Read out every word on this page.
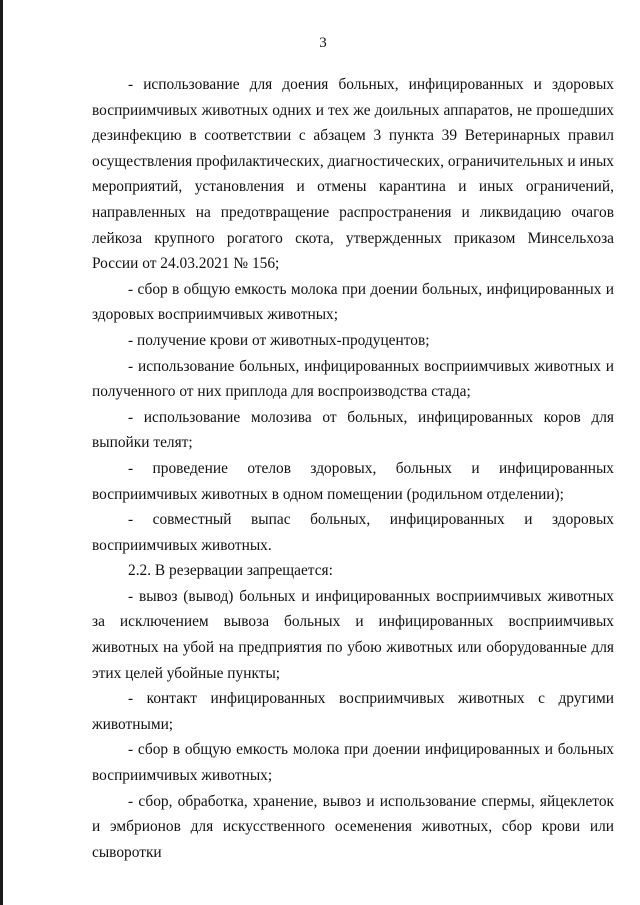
3

- использование для доения больных, инфицированных и здоровых восприимчивых животных одних и тех же доильных аппаратов, не прошедших дезинфекцию в соответствии с абзацем 3 пункта 39 Ветеринарных правил осуществления профилактических, диагностических, ограничительных и иных мероприятий, установления и отмены карантина и иных ограничений, направленных на предотвращение распространения и ликвидацию очагов лейкоза крупного рогатого скота, утвержденных приказом Минсельхоза России от 24.03.2021 № 156;

- сбор в общую емкость молока при доении больных, инфицированных и здоровых восприимчивых животных;

- получение крови от животных-продуцентов;

- использование больных, инфицированных восприимчивых животных и полученного от них приплода для воспроизводства стада;

- использование молозива от больных, инфицированных коров для выпойки телят;

- проведение отелов здоровых, больных и инфицированных восприимчивых животных в одном помещении (родильном отделении);

- совместный выпас больных, инфицированных и здоровых восприимчивых животных.

2.2. В резервации запрещается:

- вывоз (вывод) больных и инфицированных восприимчивых животных за исключением вывоза больных и инфицированных восприимчивых животных на убой на предприятия по убою животных или оборудованные для этих целей убойные пункты;

- контакт инфицированных восприимчивых животных с другими животными;

- сбор в общую емкость молока при доении инфицированных и больных восприимчивых животных;

- сбор, обработка, хранение, вывоз и использование спермы, яйцеклеток и эмбрионов для искусственного осеменения животных, сбор крови или сыворотки
